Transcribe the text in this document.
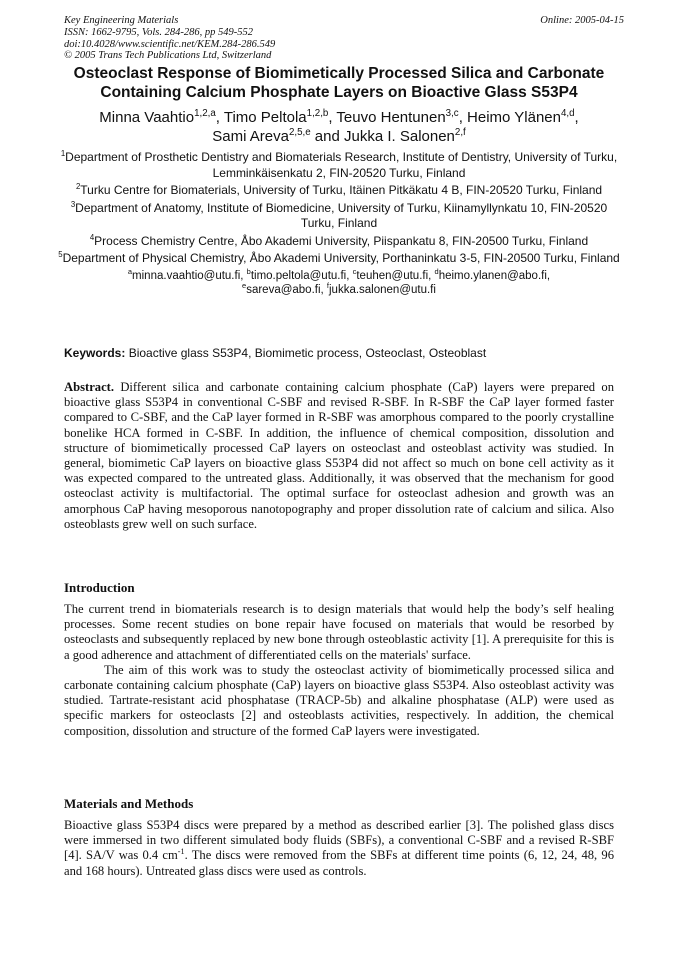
Key Engineering Materials
ISSN: 1662-9795, Vols. 284-286, pp 549-552
doi:10.4028/www.scientific.net/KEM.284-286.549
© 2005 Trans Tech Publications Ltd, Switzerland
Online: 2005-04-15
Osteoclast Response of Biomimetically Processed Silica and Carbonate Containing Calcium Phosphate Layers on Bioactive Glass S53P4
Minna Vaahtio$^{1,2,a}$, Timo Peltola$^{1,2,b}$, Teuvo Hentunen$^{3,c}$, Heimo Ylänen$^{4,d}$,
Sami Areva$^{2,5,e}$ and Jukka I. Salonen$^{2,f}$

$^1$Department of Prosthetic Dentistry and Biomaterials Research, Institute of Dentistry, University of Turku, Lemminkäisenkatu 2, FIN-20520 Turku, Finland

$^2$Turku Centre for Biomaterials, University of Turku, Itäinen Pitkäkatu 4 B, FIN-20520 Turku, Finland

$^3$Department of Anatomy, Institute of Biomedicine, University of Turku, Kiinamyllynkatu 10, FIN-20520 Turku, Finland

$^4$Process Chemistry Centre, Åbo Akademi University, Piispankatu 8, FIN-20500 Turku, Finland

$^5$Department of Physical Chemistry, Åbo Akademi University, Porthaninkatu 3-5, FIN-20500 Turku, Finland

$^a$minna.vaahtio@utu.fi, $^b$timo.peltola@utu.fi, $^c$teuhen@utu.fi, $^d$heimo.ylanen@abo.fi,
$^e$sareva@abo.fi, $^f$jukka.salonen@utu.fi
Keywords: Bioactive glass S53P4, Biomimetic process, Osteoclast, Osteoblast
Abstract. Different silica and carbonate containing calcium phosphate (CaP) layers were prepared on bioactive glass S53P4 in conventional C-SBF and revised R-SBF. In R-SBF the CaP layer formed faster compared to C-SBF, and the CaP layer formed in R-SBF was amorphous compared to the poorly crystalline bonelike HCA formed in C-SBF. In addition, the influence of chemical composition, dissolution and structure of biomimetically processed CaP layers on osteoclast and osteoblast activity was studied. In general, biomimetic CaP layers on bioactive glass S53P4 did not affect so much on bone cell activity as it was expected compared to the untreated glass. Additionally, it was observed that the mechanism for good osteoclast activity is multifactorial. The optimal surface for osteoclast adhesion and growth was an amorphous CaP having mesoporous nanotopography and proper dissolution rate of calcium and silica. Also osteoblasts grew well on such surface.
Introduction

The current trend in biomaterials research is to design materials that would help the body’s self healing processes. Some recent studies on bone repair have focused on materials that would be resorbed by osteoclasts and subsequently replaced by new bone through osteoblastic activity [1]. A prerequisite for this is a good adherence and attachment of differentiated cells on the materials' surface.

The aim of this work was to study the osteoclast activity of biomimetically processed silica and carbonate containing calcium phosphate (CaP) layers on bioactive glass S53P4. Also osteoblast activity was studied. Tartrate-resistant acid phosphatase (TRACP-5b) and alkaline phosphatase (ALP) were used as specific markers for osteoclasts [2] and osteoblasts activities, respectively. In addition, the chemical composition, dissolution and structure of the formed CaP layers were investigated.

Materials and Methods
Bioactive glass S53P4 discs were prepared by a method as described earlier [3]. The polished glass discs were immersed in two different simulated body fluids (SBFs), a conventional C-SBF and a revised R-SBF [4]. SA/V was 0.4 $cm^{-1}$. The discs were removed from the SBFs at different time points (6, 12, 24, 48, 96 and 168 hours). Untreated glass discs were used as controls.
